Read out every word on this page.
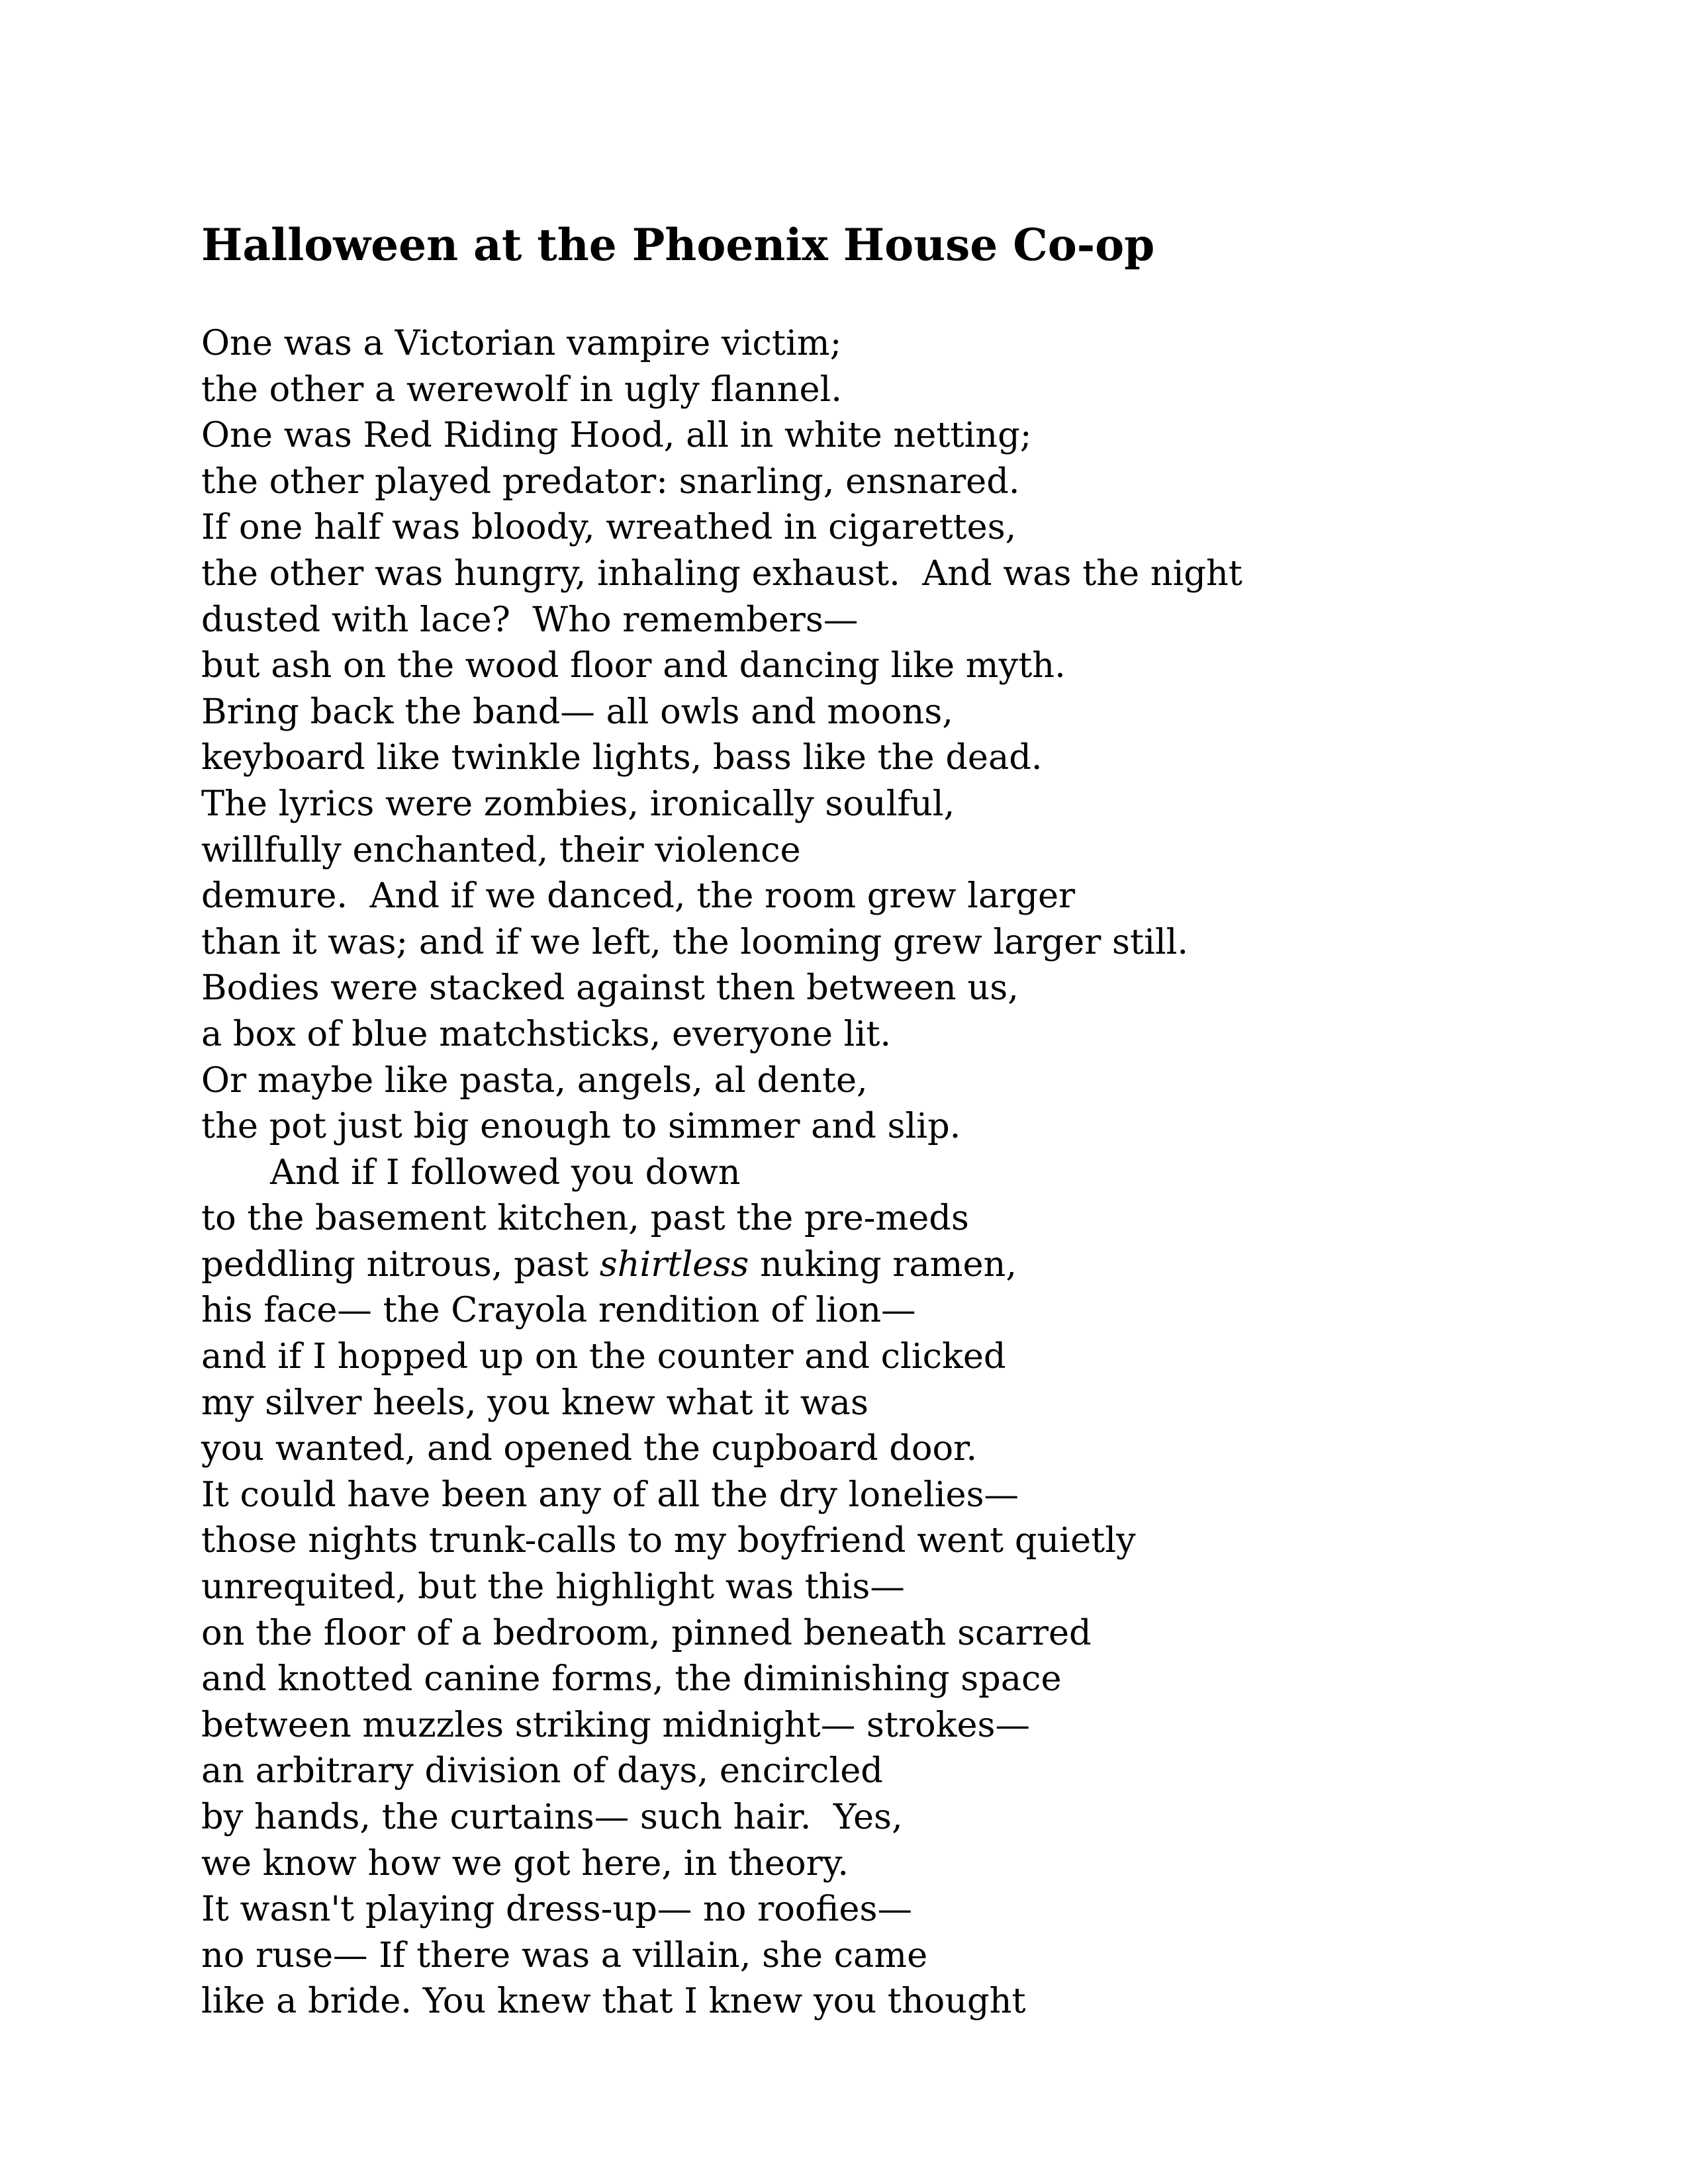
Halloween at the Phoenix House Co-op
One was a Victorian vampire victim;
the other a werewolf in ugly flannel.
One was Red Riding Hood, all in white netting;
the other played predator: snarling, ensnared.
If one half was bloody, wreathed in cigarettes,
the other was hungry, inhaling exhaust.  And was the night
dusted with lace?  Who remembers—
but ash on the wood floor and dancing like myth.
Bring back the band— all owls and moons,
keyboard like twinkle lights, bass like the dead.
The lyrics were zombies, ironically soulful,
willfully enchanted, their violence
demure.  And if we danced, the room grew larger
than it was; and if we left, the looming grew larger still.
Bodies were stacked against then between us,
a box of blue matchsticks, everyone lit.
Or maybe like pasta, angels, al dente,
the pot just big enough to simmer and slip.
And if I followed you down
to the basement kitchen, past the pre-meds
peddling nitrous, past shirtless nuking ramen,
his face— the Crayola rendition of lion—
and if I hopped up on the counter and clicked
my silver heels, you knew what it was
you wanted, and opened the cupboard door.
It could have been any of all the dry lonelies—
those nights trunk-calls to my boyfriend went quietly
unrequited, but the highlight was this—
on the floor of a bedroom, pinned beneath scarred
and knotted canine forms, the diminishing space
between muzzles striking midnight— strokes—
an arbitrary division of days, encircled
by hands, the curtains— such hair.  Yes,
we know how we got here, in theory.
It wasn't playing dress-up— no roofies—
no ruse— If there was a villain, she came
like a bride. You knew that I knew you thought
